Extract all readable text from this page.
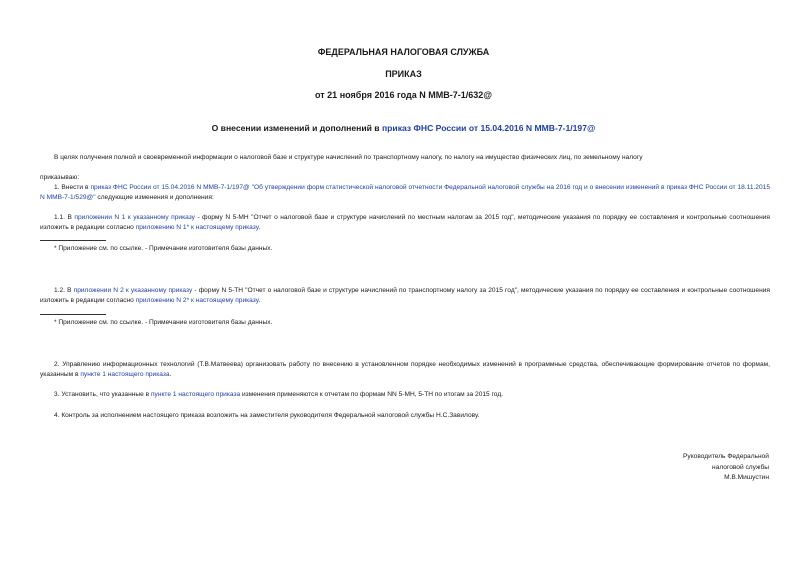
ФЕДЕРАЛЬНАЯ НАЛОГОВАЯ СЛУЖБА
ПРИКАЗ
от 21 ноября 2016 года N ММВ-7-1/632@
О внесении изменений и дополнений в приказ ФНС России от 15.04.2016 N ММВ-7-1/197@
В целях получения полной и своевременной информации о налоговой базе и структуре начислений по транспортному налогу, по налогу на имущество физических лиц, по земельному налогу
приказываю:
1. Внести в приказ ФНС России от 15.04.2016 N ММВ-7-1/197@ "Об утверждении форм статистической налоговой отчетности Федеральной налоговой службы на 2016 год и о внесении изменений в приказ ФНС России от 18.11.2015 N ММВ-7-1/529@" следующие изменения и дополнения:
1.1. В приложении N 1 к указанному приказу - форму N 5-МН "Отчет о налоговой базе и структуре начислений по местным налогам за 2015 год", методические указания по порядку ее составления и контрольные соотношения изложить в редакции согласно приложению N 1* к настоящему приказу.
* Приложение см. по ссылке. - Примечание изготовителя базы данных.
1.2. В приложении N 2 к указанному приказу - форму N 5-ТН "Отчет о налоговой базе и структуре начислений по транспортному налогу за 2015 год", методические указания по порядку ее составления и контрольные соотношения изложить в редакции согласно приложению N 2* к настоящему приказу.
* Приложение см. по ссылке. - Примечание изготовителя базы данных.
2. Управлению информационных технологий (Т.В.Матвеева) организовать работу по внесению в установленном порядке необходимых изменений в программные средства, обеспечивающие формирование отчетов по формам, указанным в пункте 1 настоящего приказа.
3. Установить, что указанные в пункте 1 настоящего приказа изменения применяются к отчетам по формам NN 5-МН, 5-ТН по итогам за 2015 год.
4. Контроль за исполнением настоящего приказа возложить на заместителя руководителя Федеральной налоговой службы Н.С.Завилову.
Руководитель Федеральной
налоговой службы
М.В.Мишустин
